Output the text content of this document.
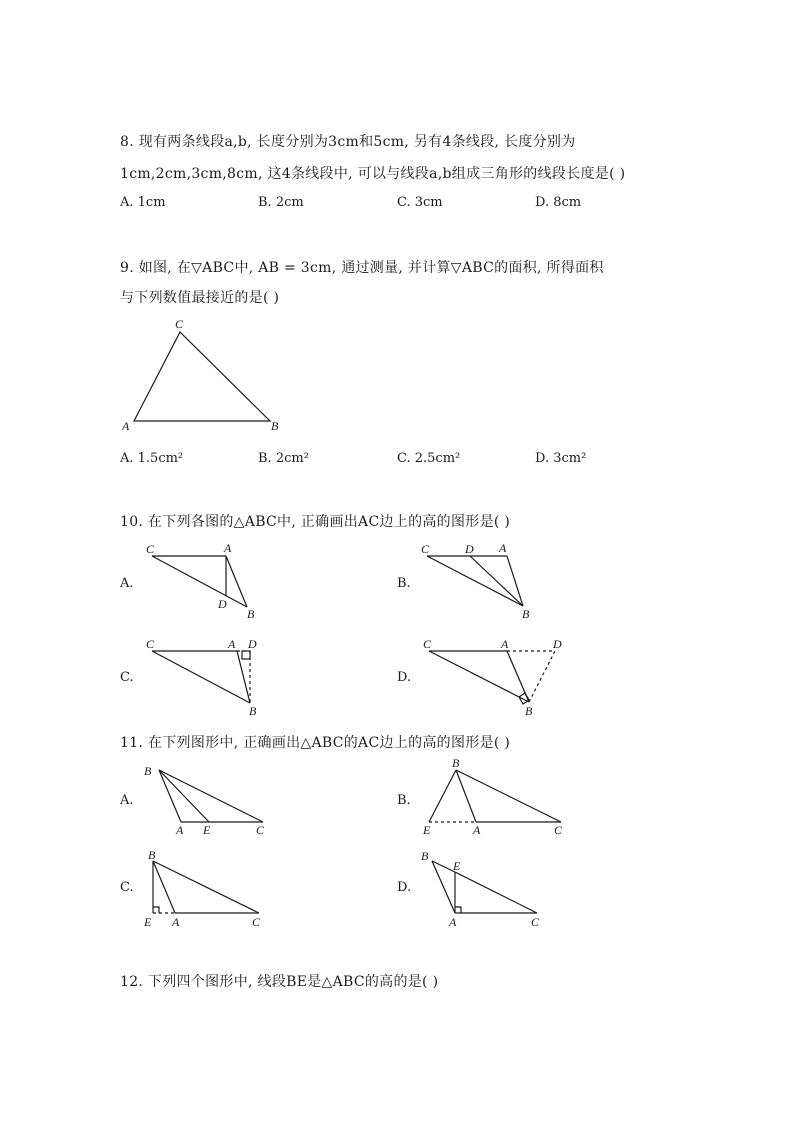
8. 现有两条线段a,b, 长度分别为3cm和5cm, 另有4条线段, 长度分别为
1cm,2cm,3cm,8cm, 这4条线段中, 可以与线段a,b组成三角形的线段长度是( )
A. 1cm	B. 2cm	C. 3cm	D. 8cm
9. 如图, 在▽ABC中, AB = 3cm, 通过测量, 并计算▽ABC的面积, 所得面积
与下列数值最接近的是( )
C
A	B
A. 1.5cm²	B. 2cm²	C. 2.5cm²	D. 3cm²
10. 在下列各图的△ABC中, 正确画出AC边上的高的图形是( )
A.
C	A
D
B
B.
C	D A
B
C.
C	A D
B
D.
C	A	D
B
11. 在下列图形中, 正确画出△ABC的AC边上的高的图形是( )
A.
B
A E	C
B.
B
E	A	C
C.
B
E A	C
D.
B
E
A	C
12. 下列四个图形中, 线段BE是△ABC的高的是( )
